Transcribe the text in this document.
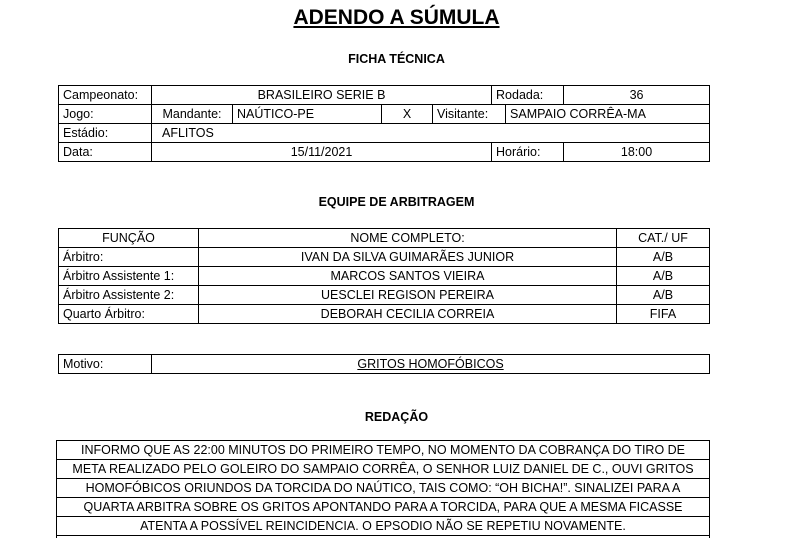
ADENDO A SÚMULA
FICHA TÉCNICA
Campeonato:	BRASILEIRO SERIE B				Rodada:		36
Jogo:	Mandante:	NAÚTICO-PE	X	Visitante:		SAMPAIO CORRÊA-MA	
Estádio:	AFLITOS						
Data:	15/11/2021				Horário:		18:00
EQUIPE DE ARBITRAGEM
FUNÇÃO	NOME COMPLETO:	CAT./ UF
Árbitro:	IVAN DA SILVA GUIMARÃES JUNIOR	A/B
Árbitro Assistente 1:	MARCOS SANTOS VIEIRA	A/B
Árbitro Assistente 2:	UESCLEI REGISON PEREIRA	A/B
Quarto Árbitro:	DEBORAH CECILIA CORREIA	FIFA
Motivo:	GRITOS HOMOFÓBICOS
REDAÇÃO
INFORMO QUE AS 22:00 MINUTOS DO PRIMEIRO TEMPO, NO MOMENTO DA COBRANÇA DO TIRO DE
META REALIZADO PELO GOLEIRO DO SAMPAIO CORRÊA, O SENHOR LUIZ DANIEL DE C., OUVI GRITOS
HOMOFÓBICOS ORIUNDOS DA TORCIDA DO NAÚTICO, TAIS COMO: “OH BICHA!”. SINALIZEI PARA A
QUARTA ARBITRA SOBRE OS GRITOS APONTANDO PARA A TORCIDA, PARA QUE A MESMA FICASSE
ATENTA A POSSÍVEL REINCIDENCIA. O EPSODIO NÃO SE REPETIU NOVAMENTE.
